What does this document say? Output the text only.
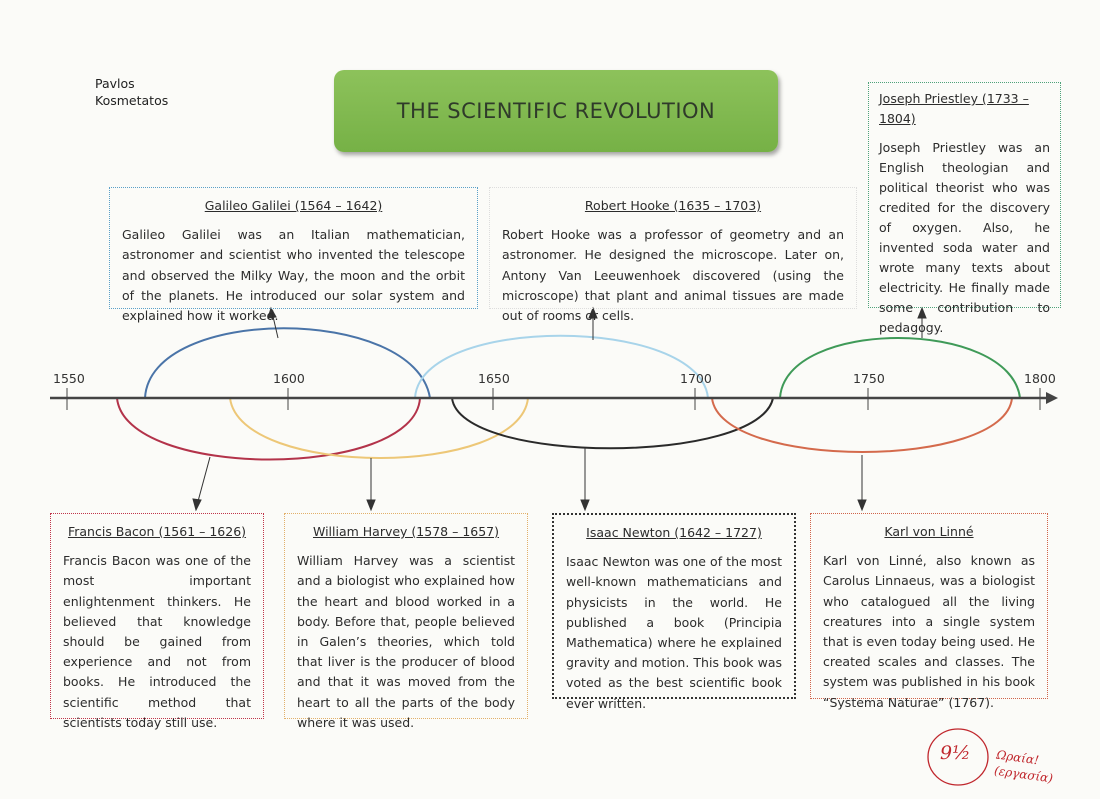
Pavlos
Kosmetatos	THE SCIENTIFIC REVOLUTION
1550	1600	1650	1700	1750	1800
Galileo Galilei (1564 – 1642)
Galileo Galilei was an Italian mathematician, astronomer and scientist who invented the telescope and observed the Milky Way, the moon and the orbit of the planets. He introduced our solar system and explained how it worked.
Robert Hooke (1635 – 1703)
Robert Hooke was a professor of geometry and an astronomer. He designed the microscope. Later on, Antony Van Leeuwenhoek discovered (using the microscope) that plant and animal tissues are made out of rooms or cells.
Joseph Priestley (1733 – 1804)
Joseph Priestley was an English theologian and political theorist who was credited for the discovery of oxygen. Also, he invented soda water and wrote many texts about electricity. He finally made some contribution to pedagogy.
Francis Bacon (1561 – 1626)
Francis Bacon was one of the most important enlightenment thinkers. He believed that knowledge should be gained from experience and not from books. He introduced the scientific method that scientists today still use.
William Harvey (1578 – 1657)
William Harvey was a scientist and a biologist who explained how the heart and blood worked in a body. Before that, people believed in Galen’s theories, which told that liver is the producer of blood and that it was moved from the heart to all the parts of the body where it was used.
Isaac Newton (1642 – 1727)
Isaac Newton was one of the most well-known mathematicians and physicists in the world. He published a book (Principia Mathematica) where he explained gravity and motion. This book was voted as the best scientific book ever written.
Karl von Linné
Karl von Linné, also known as Carolus Linnaeus, was a biologist who catalogued all the living creatures into a single system that is even today being used. He created scales and classes. The system was published in his book “Systema Naturae” (1767).
9½ Ωραία! (εργασία)
